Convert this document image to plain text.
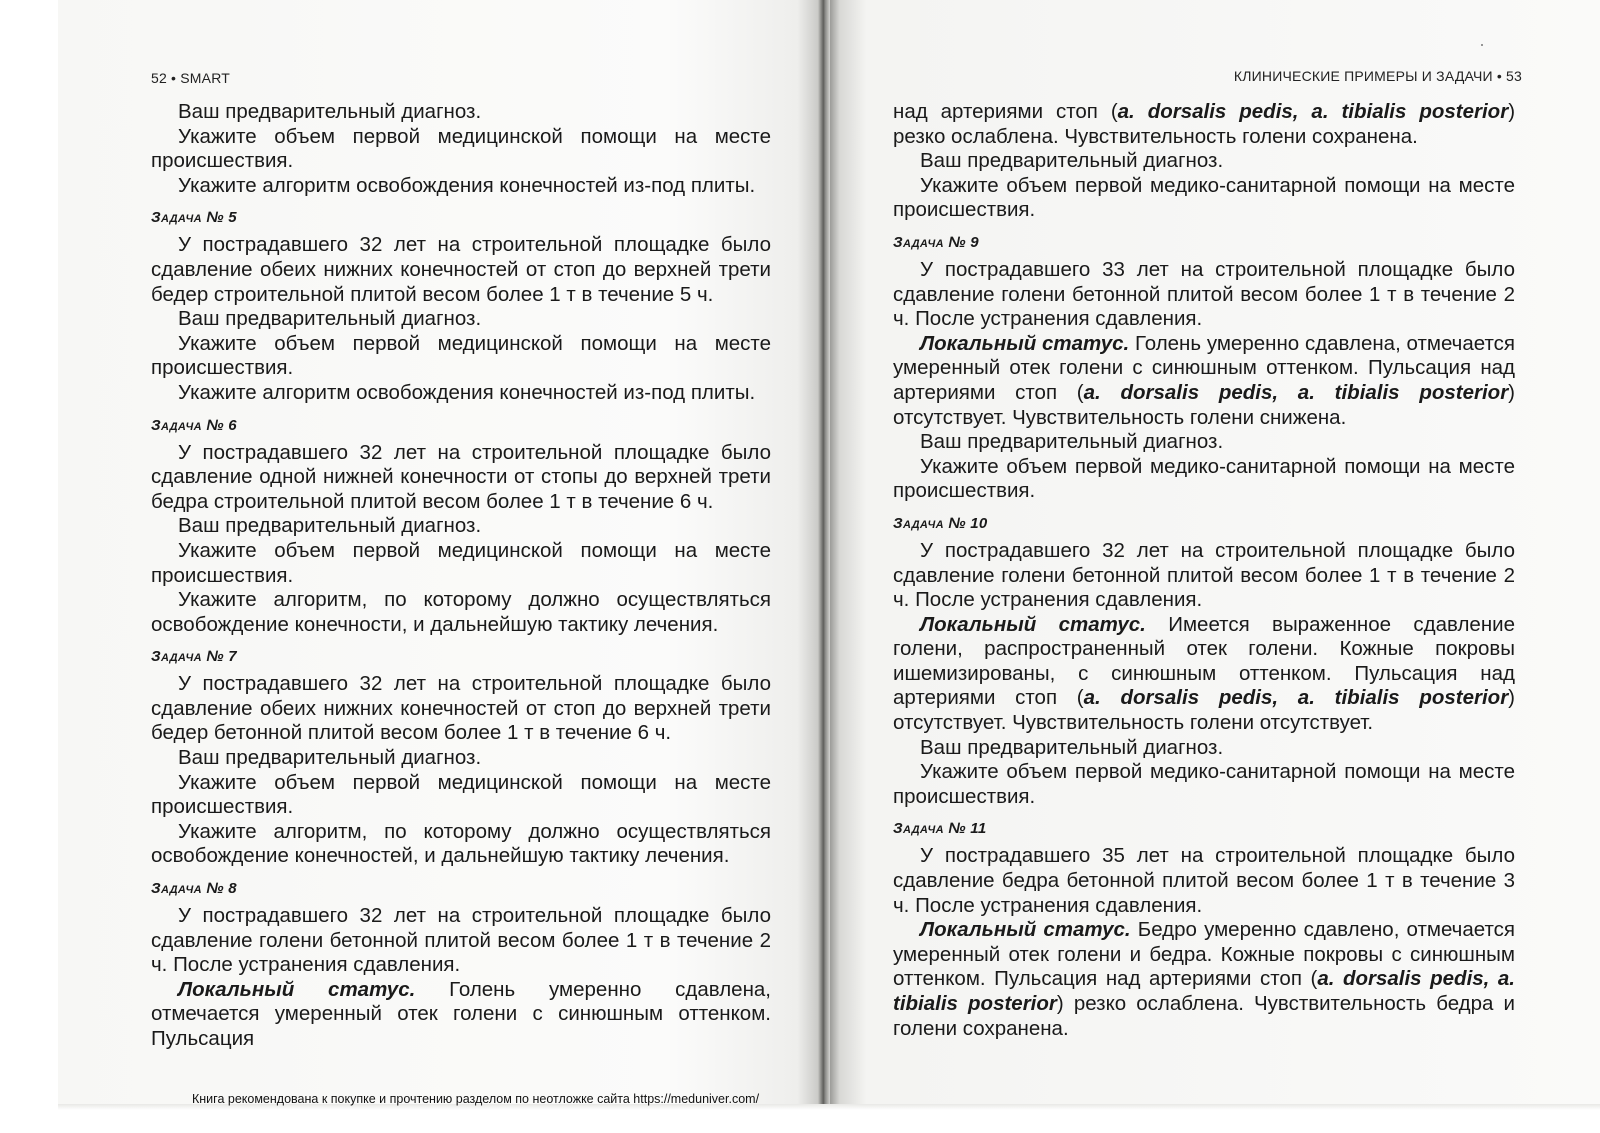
52 • SMART	КЛИНИЧЕСКИЕ ПРИМЕРЫ И ЗАДАЧИ • 53

Ваш предварительный диагноз.

Укажите объем первой медицинской помощи на месте происшествия.

Укажите алгоритм освобождения конечностей из-под плиты.

Задача № 5

У пострадавшего 32 лет на строительной площадке было сдавление обеих нижних конечностей от стоп до верхней трети бедер строительной плитой весом более 1 т в течение 5 ч.

Ваш предварительный диагноз.

Укажите объем первой медицинской помощи на месте происшествия.

Укажите алгоритм освобождения конечностей из-под плиты.

Задача № 6

У пострадавшего 32 лет на строительной площадке было сдавление одной нижней конечности от стопы до верхней трети бедра строительной плитой весом более 1 т в течение 6 ч.

Ваш предварительный диагноз.

Укажите объем первой медицинской помощи на месте происшествия.

Укажите алгоритм, по которому должно осуществляться освобождение конечности, и дальнейшую тактику лечения.

Задача № 7

У пострадавшего 32 лет на строительной площадке было сдавление обеих нижних конечностей от стоп до верхней трети бедер бетонной плитой весом более 1 т в течение 6 ч.

Ваш предварительный диагноз.

Укажите объем первой медицинской помощи на месте происшествия.

Укажите алгоритм, по которому должно осуществляться освобождение конечностей, и дальнейшую тактику лечения.

Задача № 8

У пострадавшего 32 лет на строительной площадке было сдавление голени бетонной плитой весом более 1 т в течение 2 ч. После устранения сдавления.

Локальный статус. Голень умеренно сдавлена, отмечается умеренный отек голени с синюшным оттенком. Пульсация

над артериями стоп (a. dorsalis pedis, a. tibialis posterior) резко ослаблена. Чувствительность голени сохранена.

Ваш предварительный диагноз.

Укажите объем первой медико-санитарной помощи на месте происшествия.

Задача № 9

У пострадавшего 33 лет на строительной площадке было сдавление голени бетонной плитой весом более 1 т в течение 2 ч. После устранения сдавления.

Локальный статус. Голень умеренно сдавлена, отмечается умеренный отек голени с синюшным оттенком. Пульсация над артериями стоп (a. dorsalis pedis, a. tibialis posterior) отсутствует. Чувствительность голени снижена.

Ваш предварительный диагноз.

Укажите объем первой медико-санитарной помощи на месте происшествия.

Задача № 10

У пострадавшего 32 лет на строительной площадке было сдавление голени бетонной плитой весом более 1 т в течение 2 ч. После устранения сдавления.

Локальный статус. Имеется выраженное сдавление голени, распространенный отек голени. Кожные покровы ишемизированы, с синюшным оттенком. Пульсация над артериями стоп (a. dorsalis pedis, a. tibialis posterior) отсутствует. Чувствительность голени отсутствует.

Ваш предварительный диагноз.

Укажите объем первой медико-санитарной помощи на месте происшествия.

Задача № 11

У пострадавшего 35 лет на строительной площадке было сдавление бедра бетонной плитой весом более 1 т в течение 3 ч. После устранения сдавления.

Локальный статус. Бедро умеренно сдавлено, отмечается умеренный отек голени и бедра. Кожные покровы с синюшным оттенком. Пульсация над артериями стоп (a. dorsalis pedis, a. tibialis posterior) резко ослаблена. Чувствительность бедра и голени сохранена.

Книга рекомендована к покупке и прочтению разделом по неотложке сайта https://meduniver.com/
